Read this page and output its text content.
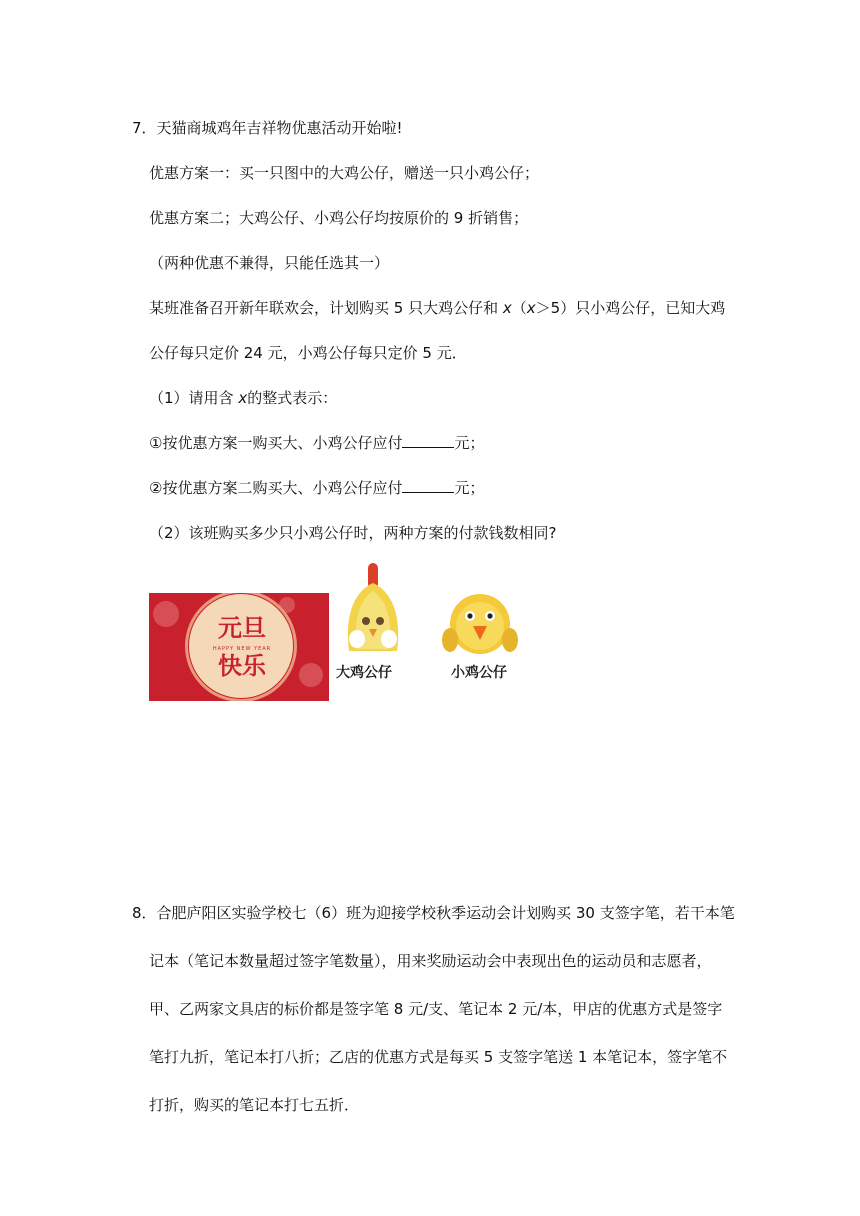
7．天猫商城鸡年吉祥物优惠活动开始啦!
优惠方案一：买一只图中的大鸡公仔，赠送一只小鸡公仔；
优惠方案二；大鸡公仔、小鸡公仔均按原价的 9 折销售；
（两种优惠不兼得，只能任选其一）
某班准备召开新年联欢会，计划购买 5 只大鸡公仔和 x（x＞5）只小鸡公仔，已知大鸡
公仔每只定价 24 元，小鸡公仔每只定价 5 元．
（1）请用含 x的整式表示：
①按优惠方案一购买大、小鸡公仔应付	元；
②按优惠方案二购买大、小鸡公仔应付	元；
（2）该班购买多少只小鸡公仔时，两种方案的付款钱数相同?
元旦
HAPPY NEW YEAR
快乐	大鸡公仔	小鸡公仔
8．合肥庐阳区实验学校七（6）班为迎接学校秋季运动会计划购买 30 支签字笔，若干本笔
记本（笔记本数量超过签字笔数量），用来奖励运动会中表现出色的运动员和志愿者，
甲、乙两家文具店的标价都是签字笔 8 元/支、笔记本 2 元/本，甲店的优惠方式是签字
笔打九折，笔记本打八折；乙店的优惠方式是每买 5 支签字笔送 1 本笔记本，签字笔不
打折，购买的笔记本打七五折．
